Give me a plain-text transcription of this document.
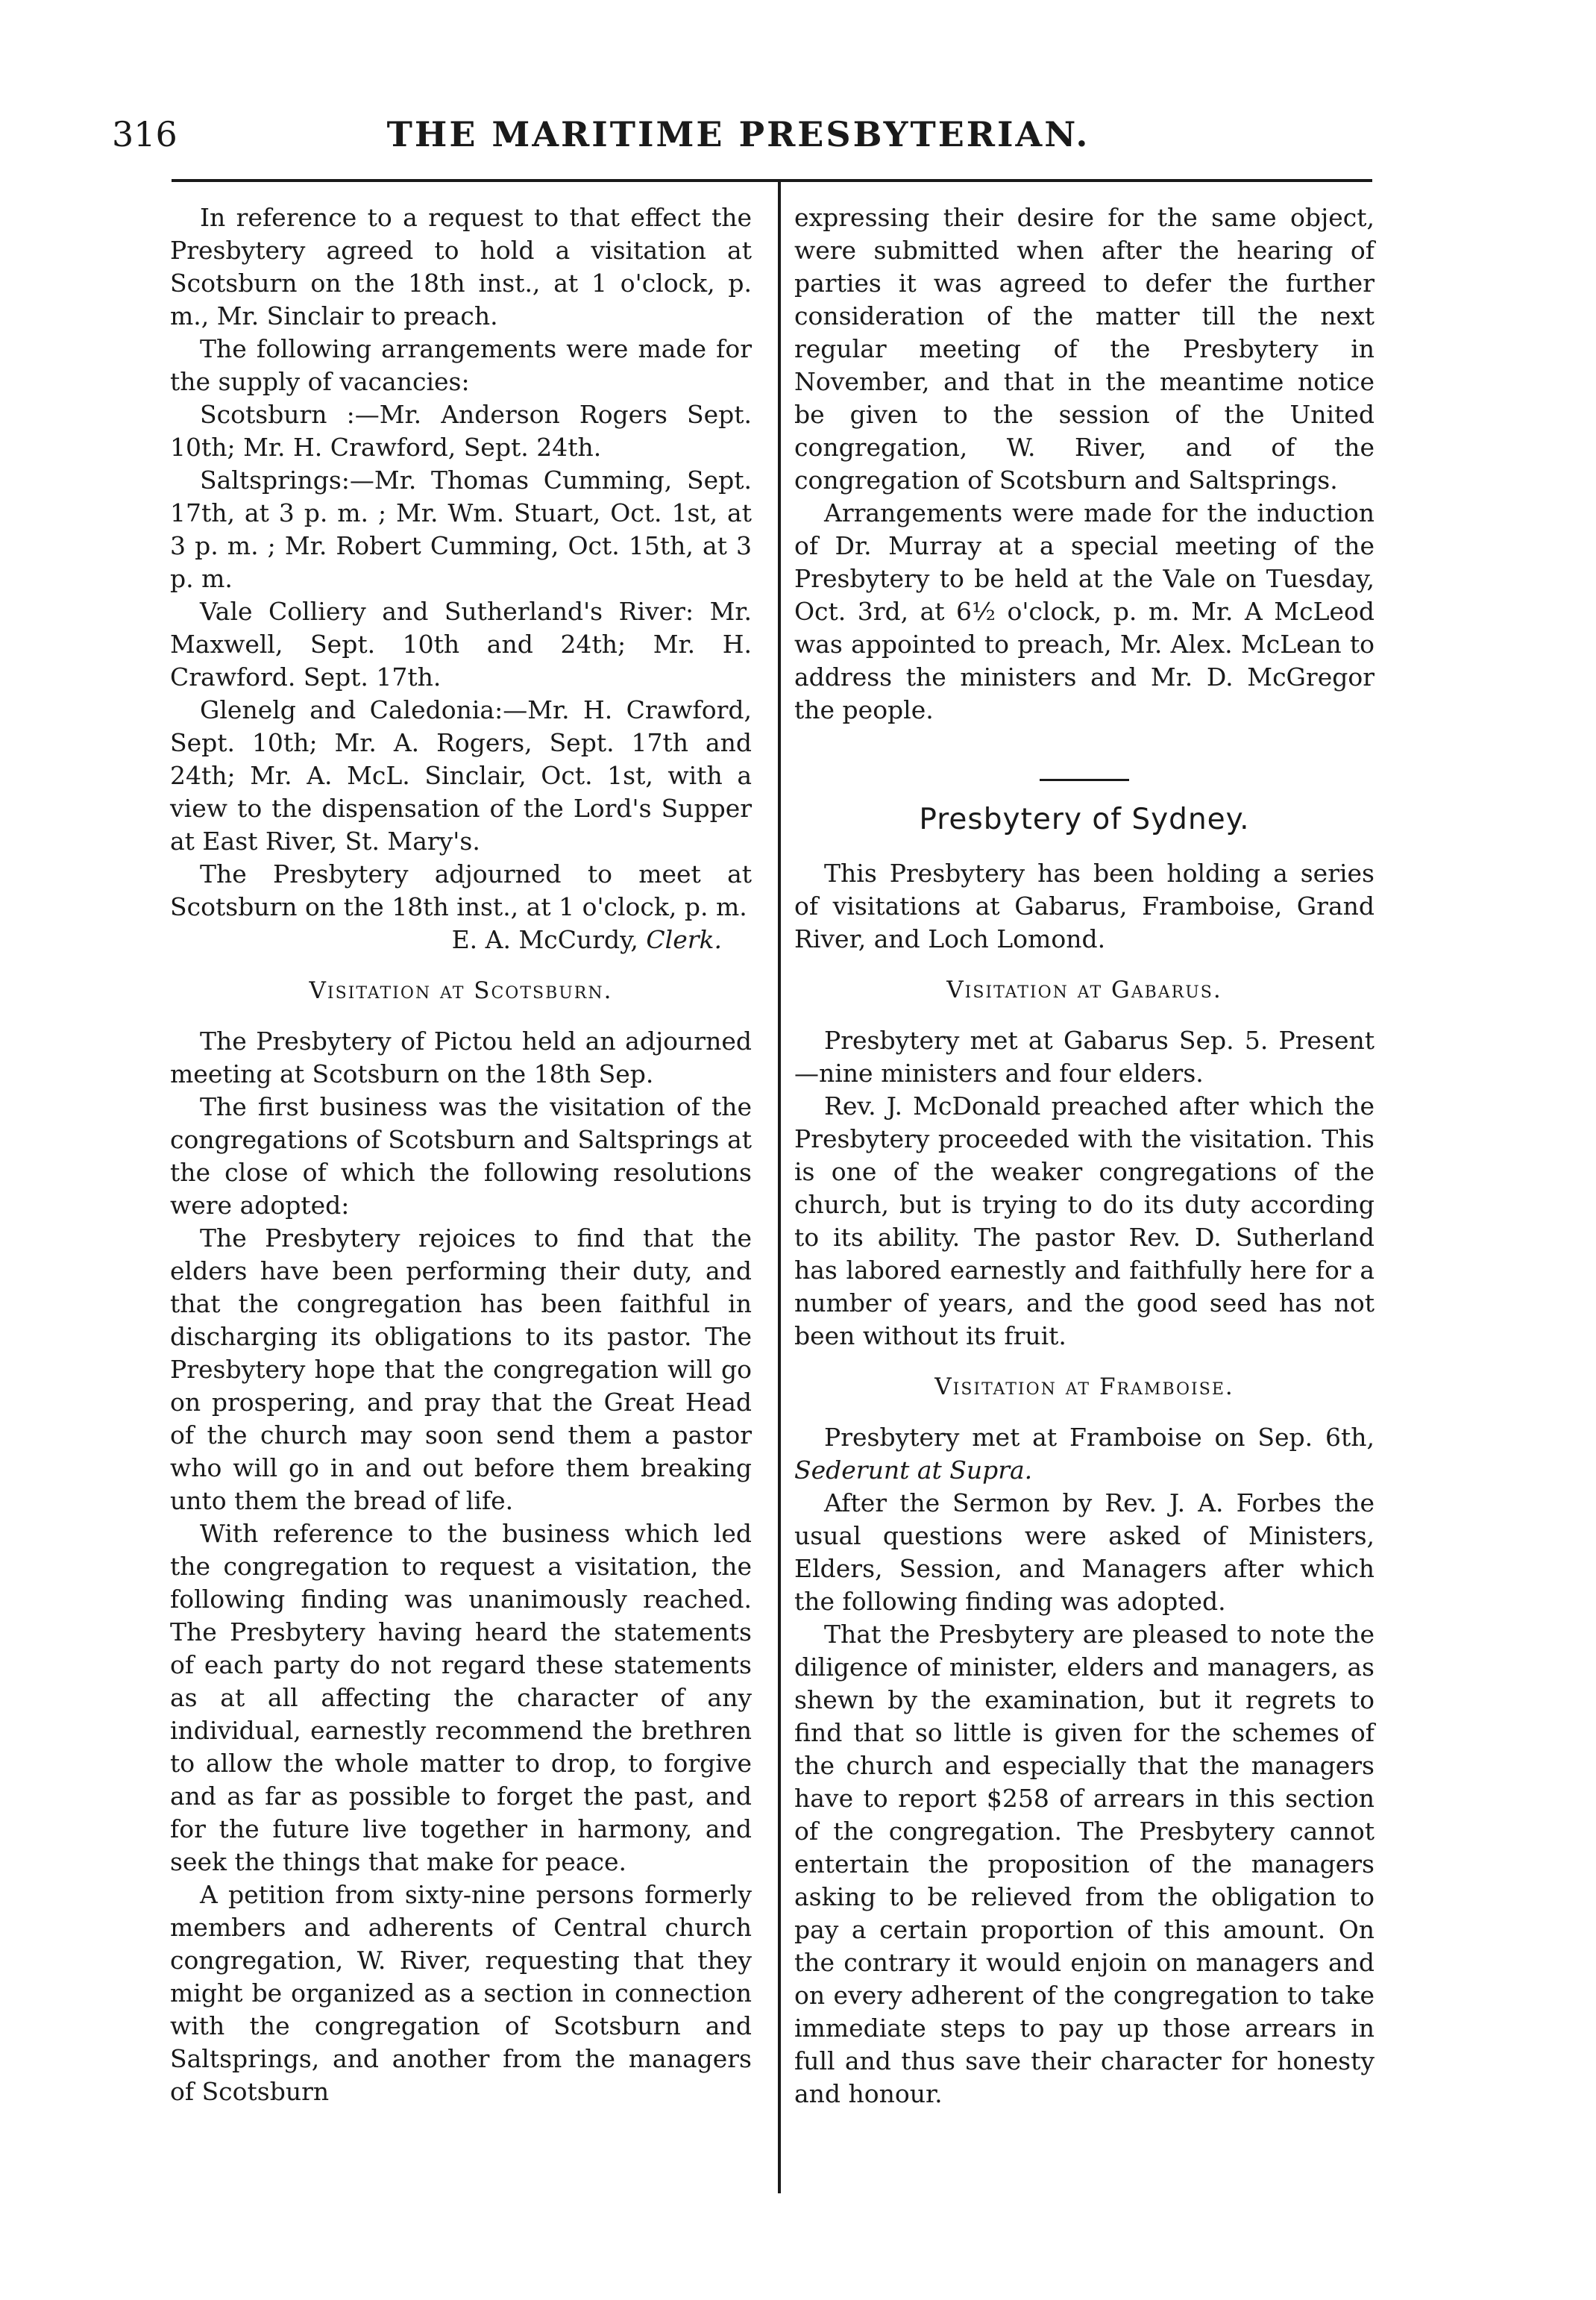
316	THE MARITIME PRESBYTERIAN.

In reference to a request to that effect the Presbytery agreed to hold a visitation at Scotsburn on the 18th inst., at 1 o'clock, p. m., Mr. Sinclair to preach.

The following arrangements were made for the supply of vacancies:

Scotsburn :—Mr. Anderson Rogers Sept. 10th; Mr. H. Crawford, Sept. 24th.

Saltsprings:—Mr. Thomas Cumming, Sept. 17th, at 3 p. m. ; Mr. Wm. Stuart, Oct. 1st, at 3 p. m. ; Mr. Robert Cumming, Oct. 15th, at 3 p. m.

Vale Colliery and Sutherland's River: Mr. Maxwell, Sept. 10th and 24th; Mr. H. Crawford. Sept. 17th.

Glenelg and Caledonia:—Mr. H. Crawford, Sept. 10th; Mr. A. Rogers, Sept. 17th and 24th; Mr. A. McL. Sinclair, Oct. 1st, with a view to the dispensation of the Lord's Supper at East River, St. Mary's.

The Presbytery adjourned to meet at Scotsburn on the 18th inst., at 1 o'clock, p. m.

E. A. McCurdy, Clerk.
Visitation at Scotsburn.

The Presbytery of Pictou held an adjourned meeting at Scotsburn on the 18th Sep.

The first business was the visitation of the congregations of Scotsburn and Saltsprings at the close of which the following resolutions were adopted:

The Presbytery rejoices to find that the elders have been performing their duty, and that the congregation has been faithful in discharging its obligations to its pastor. The Presbytery hope that the congregation will go on prospering, and pray that the Great Head of the church may soon send them a pastor who will go in and out before them breaking unto them the bread of life.

With reference to the business which led the congregation to request a visitation, the following finding was unanimously reached. The Presbytery having heard the statements of each party do not regard these statements as at all affecting the character of any individual, earnestly recommend the brethren to allow the whole matter to drop, to forgive and as far as possible to forget the past, and for the future live together in harmony, and seek the things that make for peace.

A petition from sixty-nine persons formerly members and adherents of Central church congregation, W. River, requesting that they might be organized as a section in connection with the congregation of Scotsburn and Saltsprings, and another from the managers of Scotsburn

expressing their desire for the same object, were submitted when after the hearing of parties it was agreed to defer the further consideration of the matter till the next regular meeting of the Presbytery in November, and that in the meantime notice be given to the session of the United congregation, W. River, and of the congregation of Scotsburn and Saltsprings.

Arrangements were made for the induction of Dr. Murray at a special meeting of the Presbytery to be held at the Vale on Tuesday, Oct. 3rd, at 6½ o'clock, p. m. Mr. A McLeod was appointed to preach, Mr. Alex. McLean to address the ministers and Mr. D. McGregor the people.

Presbytery of Sydney.

This Presbytery has been holding a series of visitations at Gabarus, Framboise, Grand River, and Loch Lomond.

Visitation at Gabarus.

Presbytery met at Gabarus Sep. 5. Present—nine ministers and four elders.

Rev. J. McDonald preached after which the Presbytery proceeded with the visitation. This is one of the weaker congregations of the church, but is trying to do its duty according to its ability. The pastor Rev. D. Sutherland has labored earnestly and faithfully here for a number of years, and the good seed has not been without its fruit.

Visitation at Framboise.

Presbytery met at Framboise on Sep. 6th, Sederunt at Supra.

After the Sermon by Rev. J. A. Forbes the usual questions were asked of Ministers, Elders, Session, and Managers after which the following finding was adopted.

That the Presbytery are pleased to note the diligence of minister, elders and managers, as shewn by the examination, but it regrets to find that so little is given for the schemes of the church and especially that the managers have to report $258 of arrears in this section of the congregation. The Presbytery cannot entertain the proposition of the managers asking to be relieved from the obligation to pay a certain proportion of this amount. On the contrary it would enjoin on managers and on every adherent of the congregation to take immediate steps to pay up those arrears in full and thus save their character for honesty and honour.
